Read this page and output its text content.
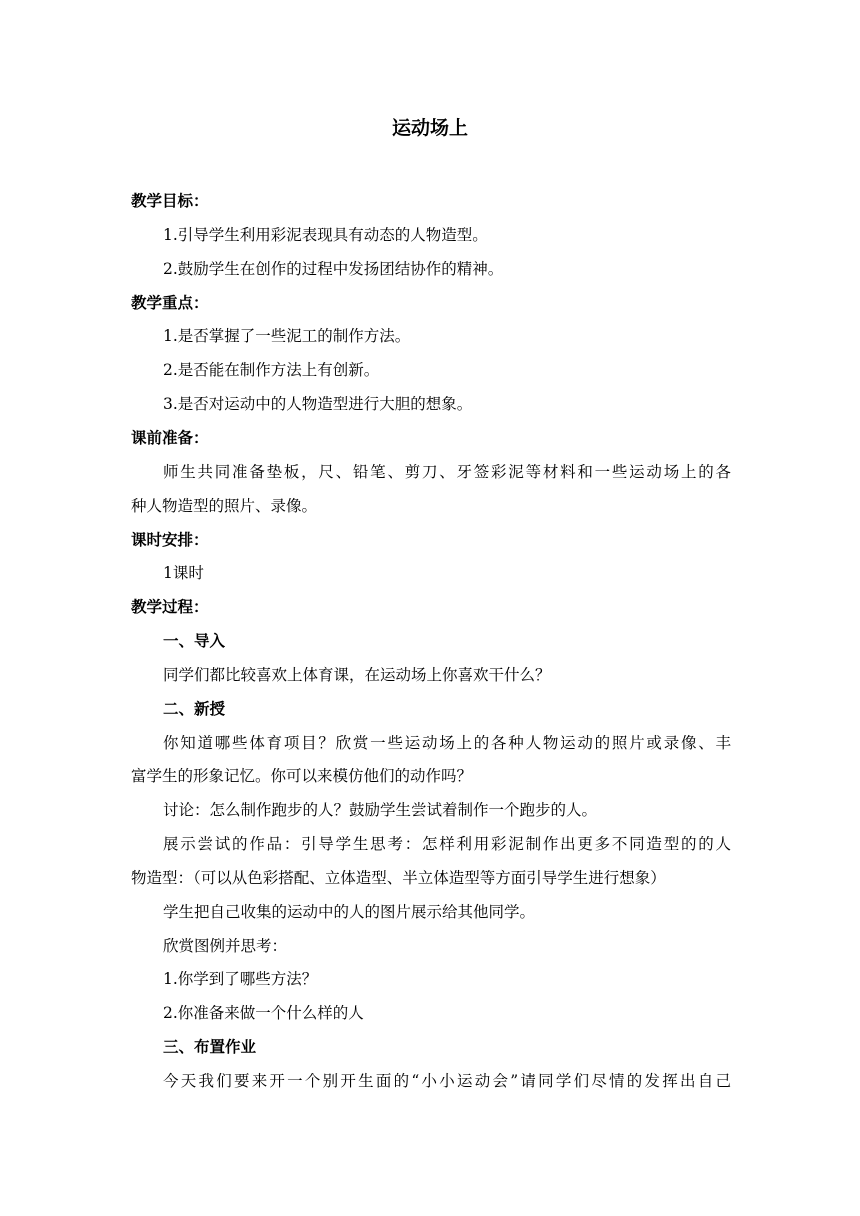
运动场上
教学目标：
1.引导学生利用彩泥表现具有动态的人物造型。
2.鼓励学生在创作的过程中发扬团结协作的精神。
教学重点：
1.是否掌握了一些泥工的制作方法。
2.是否能在制作方法上有创新。
3.是否对运动中的人物造型进行大胆的想象。
课前准备：
师生共同准备垫板，尺、铅笔、剪刀、牙签彩泥等材料和一些运动场上的各
种人物造型的照片、录像。
课时安排：
1课时
教学过程：
一、导入
同学们都比较喜欢上体育课，在运动场上你喜欢干什么？
二、新授
你知道哪些体育项目？欣赏一些运动场上的各种人物运动的照片或录像、丰
富学生的形象记忆。你可以来模仿他们的动作吗？
讨论：怎么制作跑步的人？鼓励学生尝试着制作一个跑步的人。
展示尝试的作品：引导学生思考：怎样利用彩泥制作出更多不同造型的的人
物造型：（可以从色彩搭配、立体造型、半立体造型等方面引导学生进行想象）
学生把自己收集的运动中的人的图片展示给其他同学。
欣赏图例并思考：
1.你学到了哪些方法？
2.你准备来做一个什么样的人
三、布置作业
今天我们要来开一个别开生面的“小小运动会”请同学们尽情的发挥出自己
